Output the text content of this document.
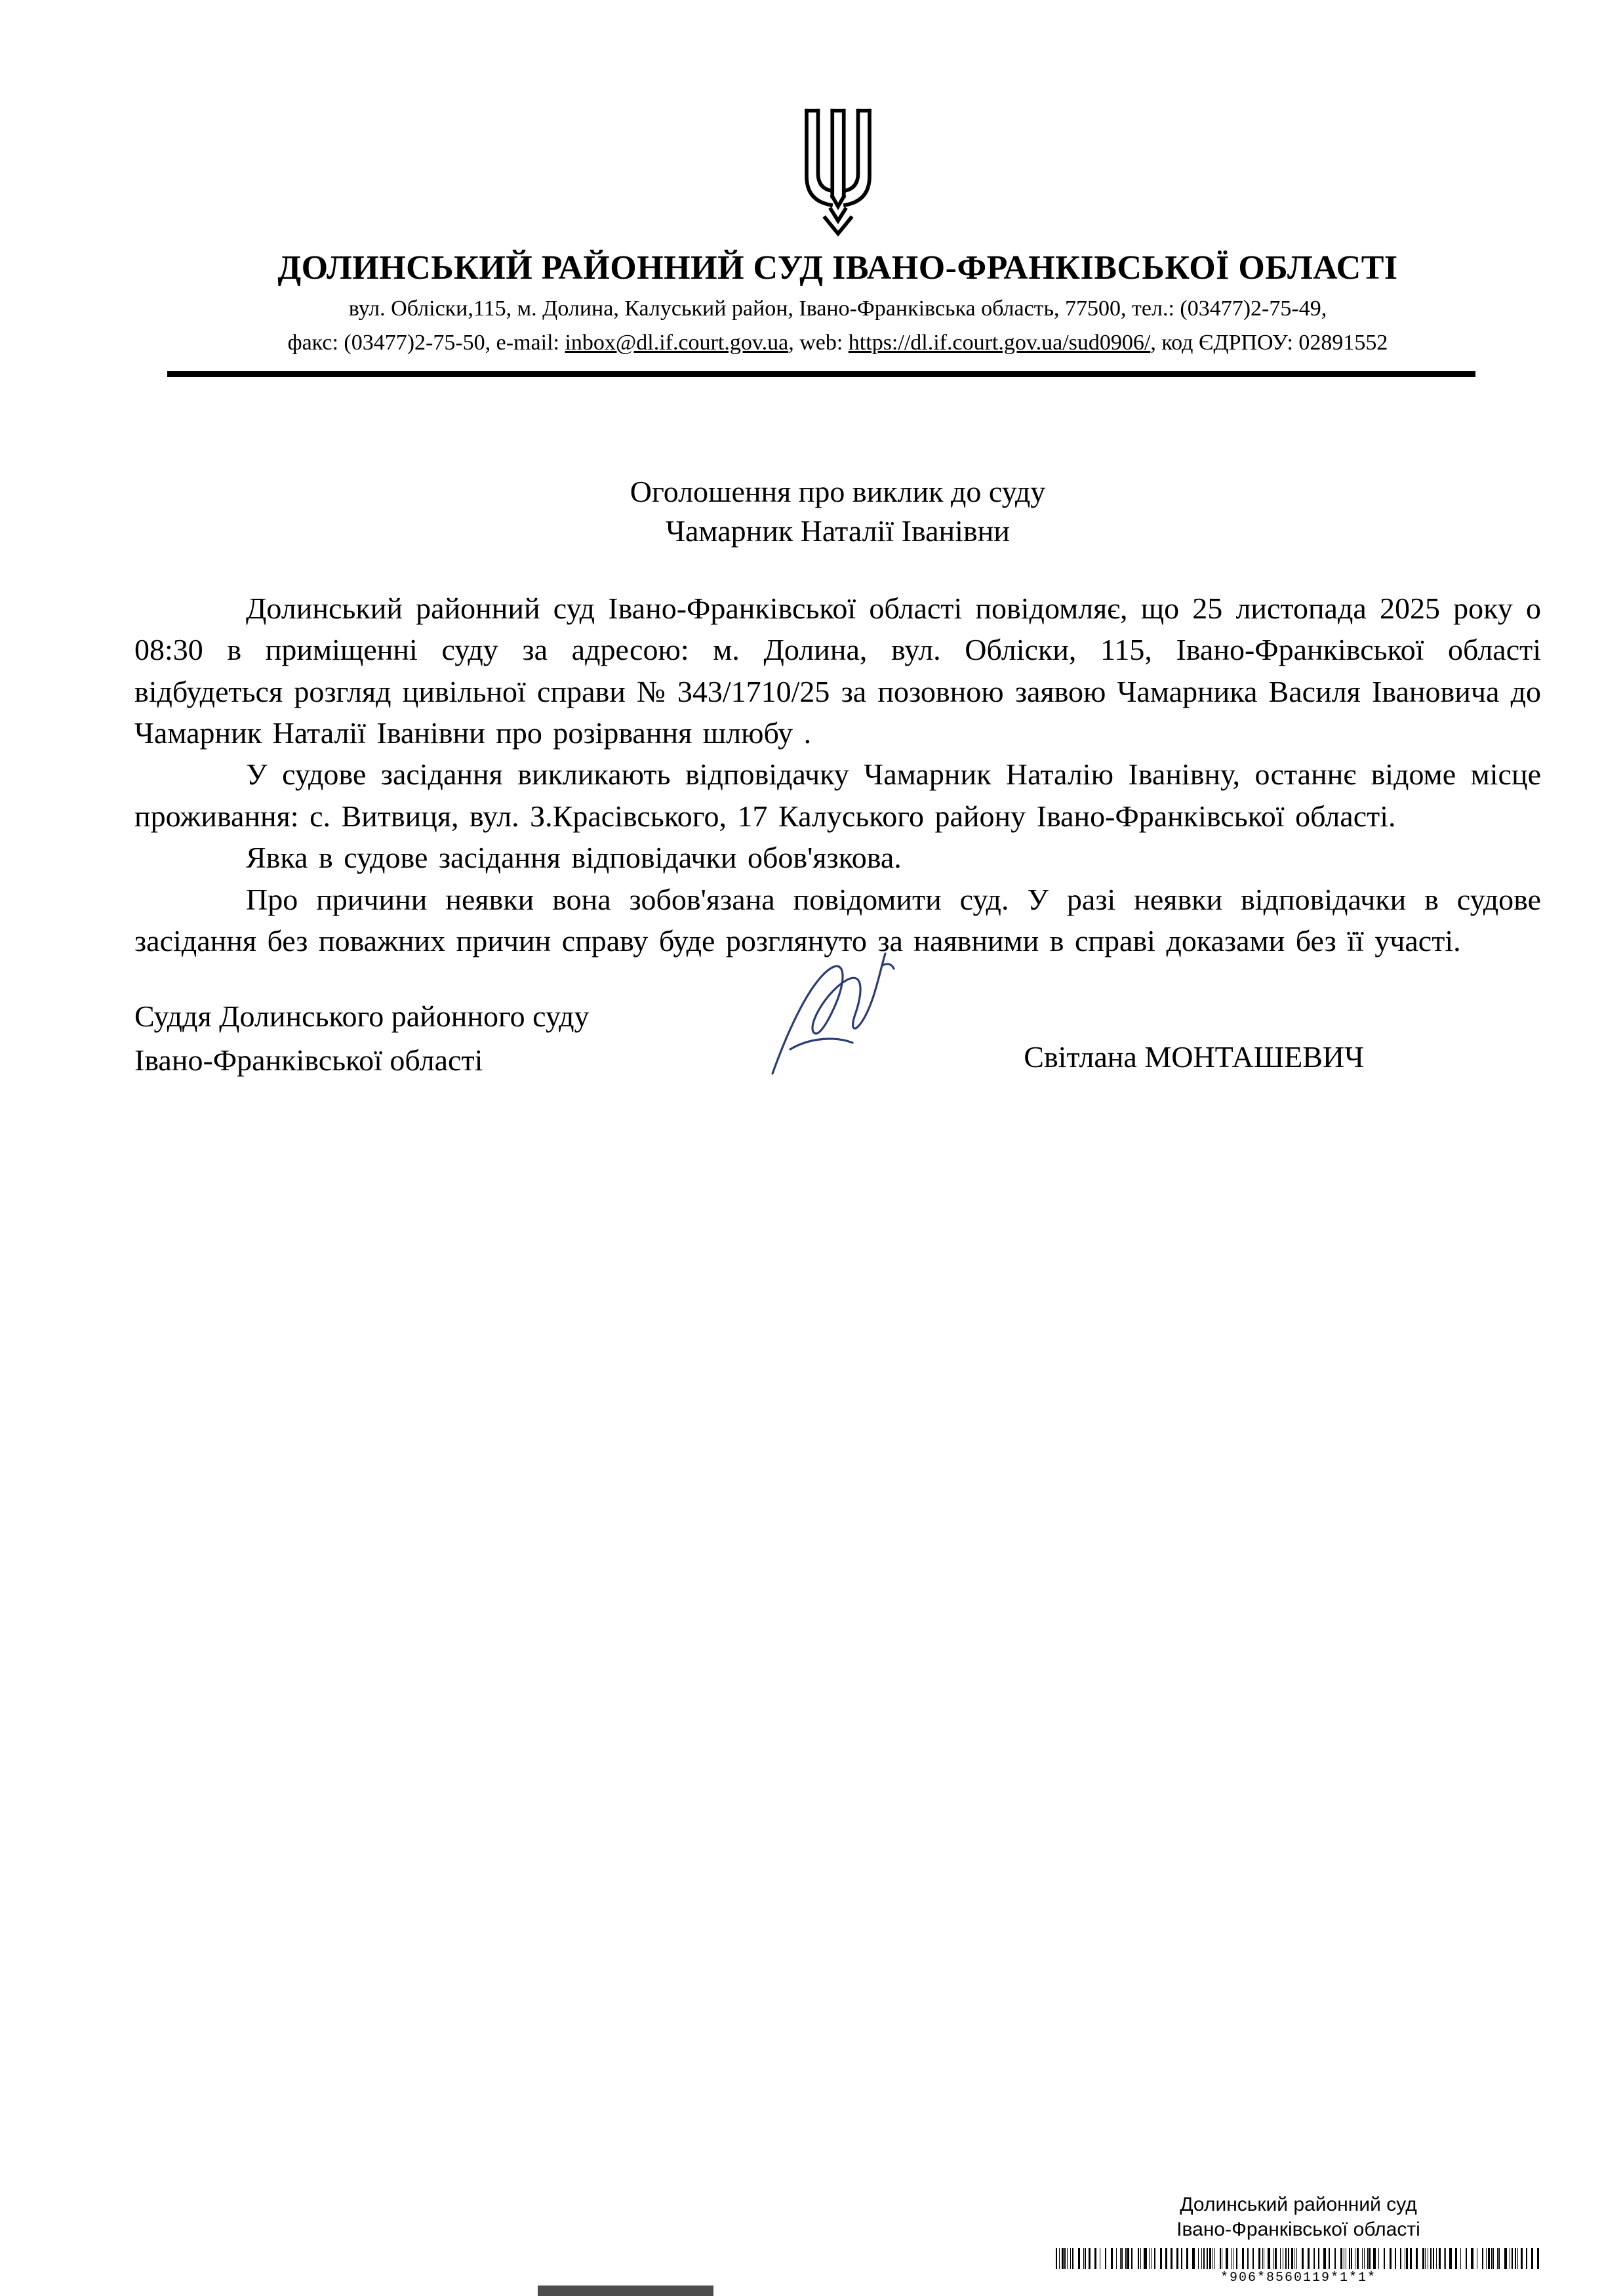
ДОЛИНСЬКИЙ РАЙОННИЙ СУД ІВАНО-ФРАНКІВСЬКОЇ ОБЛАСТІ
вул. Обліски,115, м. Долина, Калуський район, Івано-Франківська область, 77500, тел.: (03477)2-75-49,
факс: (03477)2-75-50, e-mail: inbox@dl.if.court.gov.ua, web: https://dl.if.court.gov.ua/sud0906/, код ЄДРПОУ: 02891552
Оголошення про виклик до суду
Чамарник Наталії Іванівни

Долинський районний суд Івано-Франківської області повідомляє, що 25 листопада 2025 року о 08:30 в приміщенні суду за адресою: м. Долина, вул. Обліски, 115, Івано-Франківської області відбудеться розгляд цивільної справи № 343/1710/25 за позовною заявою Чамарника Василя Івановича до Чамарник Наталії Іванівни про розірвання шлюбу .

У судове засідання викликають відповідачку Чамарник Наталію Іванівну, останнє відоме місце проживання: с. Витвиця, вул. З.Красівського, 17 Калуського району Івано-Франківської області.

Явка в судове засідання відповідачки обов'язкова.

Про причини неявки вона зобов'язана повідомити суд. У разі неявки відповідачки в судове засідання без поважних причин справу буде розглянуто за наявними в справі доказами без її участі.

Суддя Долинського районного суду
Івано-Франківської області	Світлана МОНТАШЕВИЧ
Долинський районний суд
Івано-Франківської області
*906*8560119*1*1*
